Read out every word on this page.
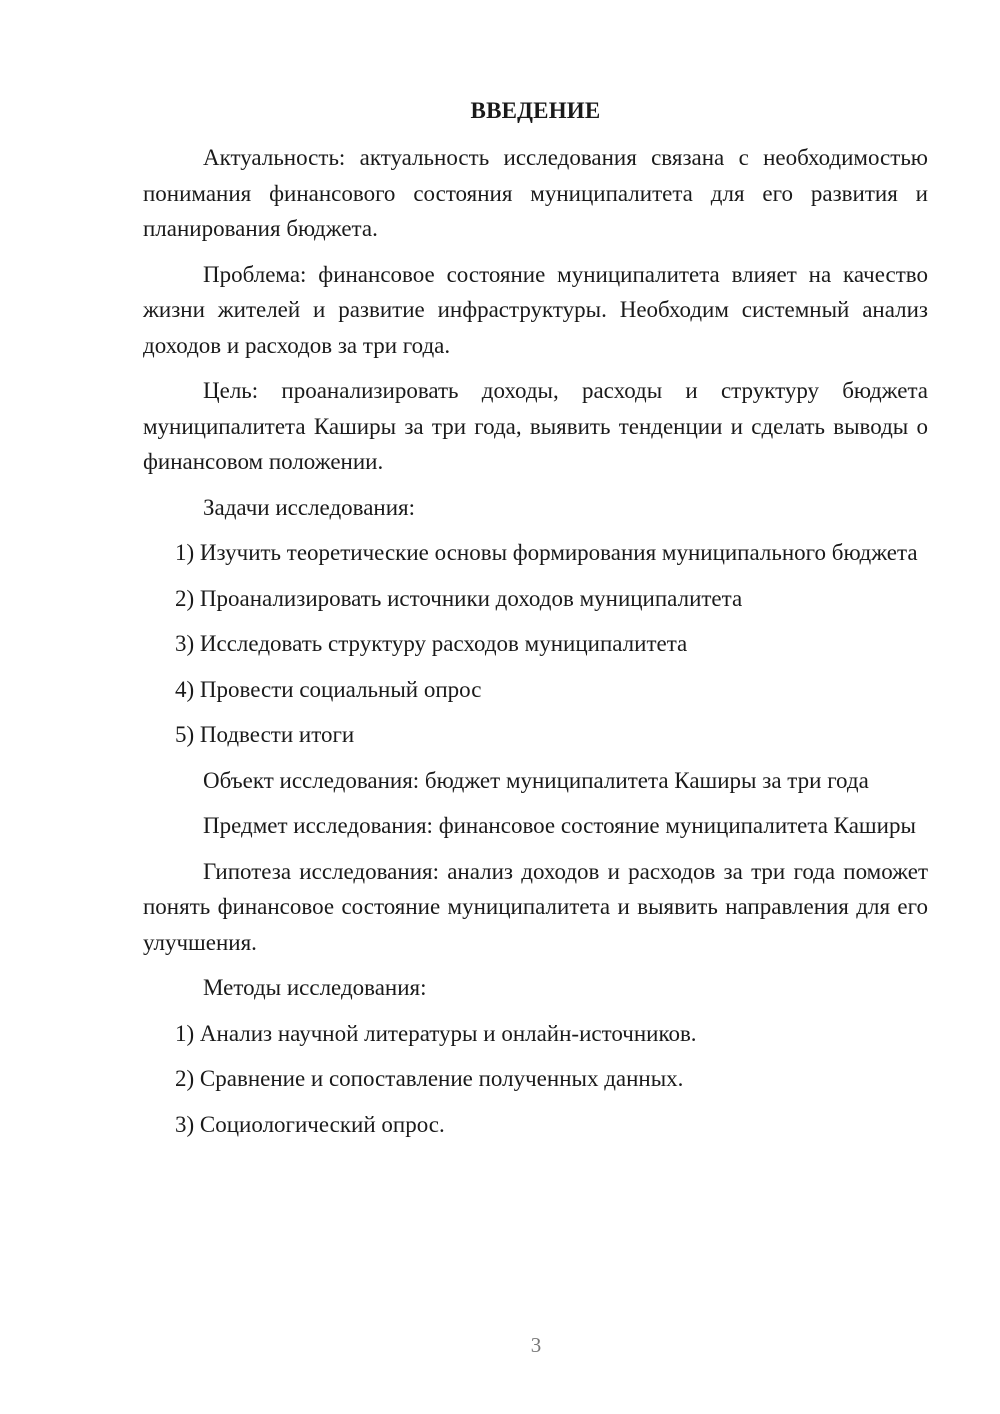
ВВЕДЕНИЕ

Актуальность: актуальность исследования связана с необходимостью понимания финансового состояния муниципалитета для его развития и планирования бюджета.

Проблема: финансовое состояние муниципалитета влияет на качество жизни жителей и развитие инфраструктуры. Необходим системный анализ доходов и расходов за три года.

Цель: проанализировать доходы, расходы и структуру бюджета муниципалитета Каширы за три года, выявить тенденции и сделать выводы о финансовом положении.

Задачи исследования:

1) Изучить теоретические основы формирования муниципального бюджета

2) Проанализировать источники доходов муниципалитета

3) Исследовать структуру расходов муниципалитета

4) Провести социальный опрос

5) Подвести итоги

Объект исследования: бюджет муниципалитета Каширы за три года

Предмет исследования: финансовое состояние муниципалитета Каширы

Гипотеза исследования: анализ доходов и расходов за три года поможет понять финансовое состояние муниципалитета и выявить направления для его улучшения.

Методы исследования:

1) Анализ научной литературы и онлайн-источников.

2) Сравнение и сопоставление полученных данных.

3) Социологический опрос.

3
